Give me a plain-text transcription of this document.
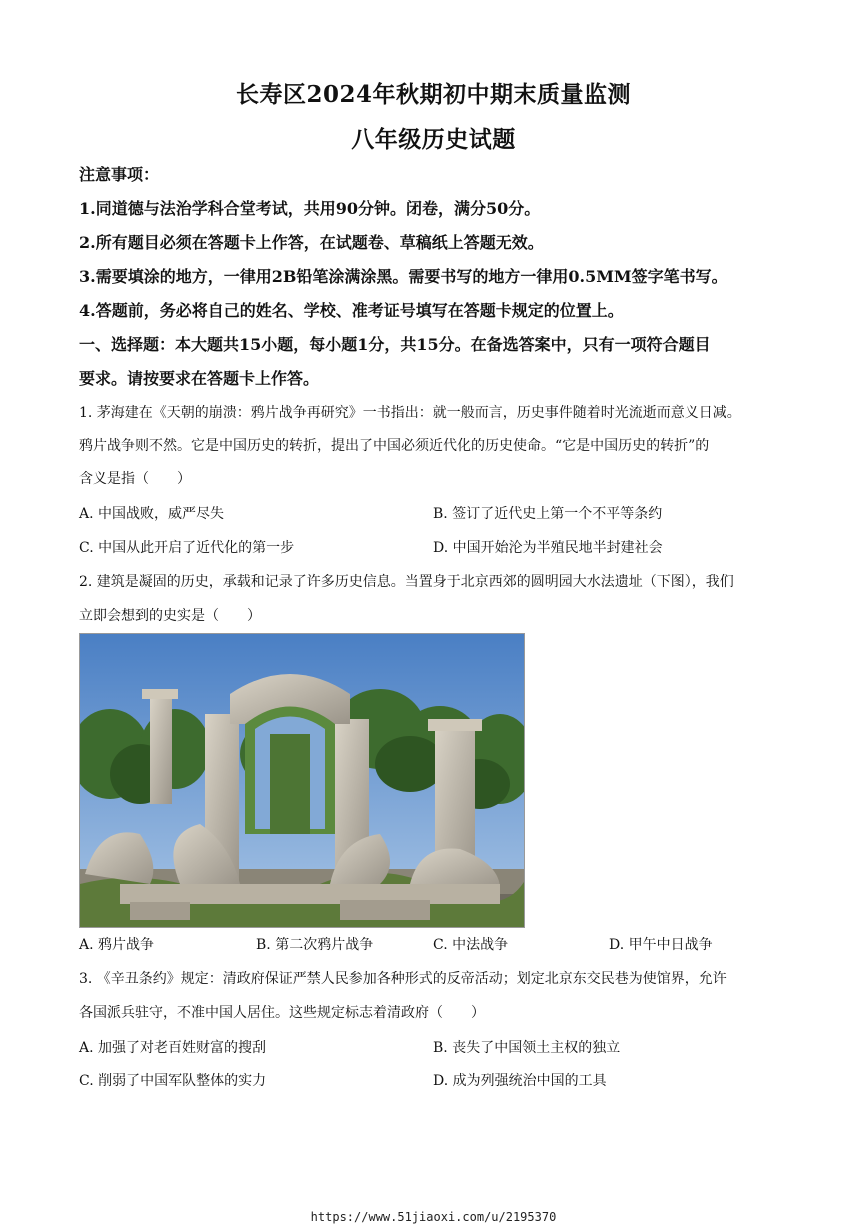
长寿区2024年秋期初中期末质量监测
八年级历史试题
注意事项：
1.同道德与法治学科合堂考试，共用90分钟。闭卷，满分50分。
2.所有题目必须在答题卡上作答，在试题卷、草稿纸上答题无效。
3.需要填涂的地方，一律用2B铅笔涂满涂黑。需要书写的地方一律用0.5MM签字笔书写。
4.答题前，务必将自己的姓名、学校、准考证号填写在答题卡规定的位置上。
一、选择题：本大题共15小题，每小题1分，共15分。在备选答案中，只有一项符合题目
要求。请按要求在答题卡上作答。
1. 茅海建在《天朝的崩溃：鸦片战争再研究》一书指出：就一般而言，历史事件随着时光流逝而意义日减。
鸦片战争则不然。它是中国历史的转折，提出了中国必须近代化的历史使命。“它是中国历史的转折”的
含义是指（　　）
A. 中国战败，威严尽失	B. 签订了近代史上第一个不平等条约
C. 中国从此开启了近代化的第一步	D. 中国开始沦为半殖民地半封建社会
2. 建筑是凝固的历史，承载和记录了许多历史信息。当置身于北京西郊的圆明园大水法遗址（下图），我们
立即会想到的史实是（　　）
A. 鸦片战争	B. 第二次鸦片战争	C. 中法战争	D. 甲午中日战争
3. 《辛丑条约》规定：清政府保证严禁人民参加各种形式的反帝活动；划定北京东交民巷为使馆界，允许
各国派兵驻守，不准中国人居住。这些规定标志着清政府（　　）
A. 加强了对老百姓财富的搜刮	B. 丧失了中国领土主权的独立
C. 削弱了中国军队整体的实力	D. 成为列强统治中国的工具
https://www.51jiaoxi.com/u/2195370
